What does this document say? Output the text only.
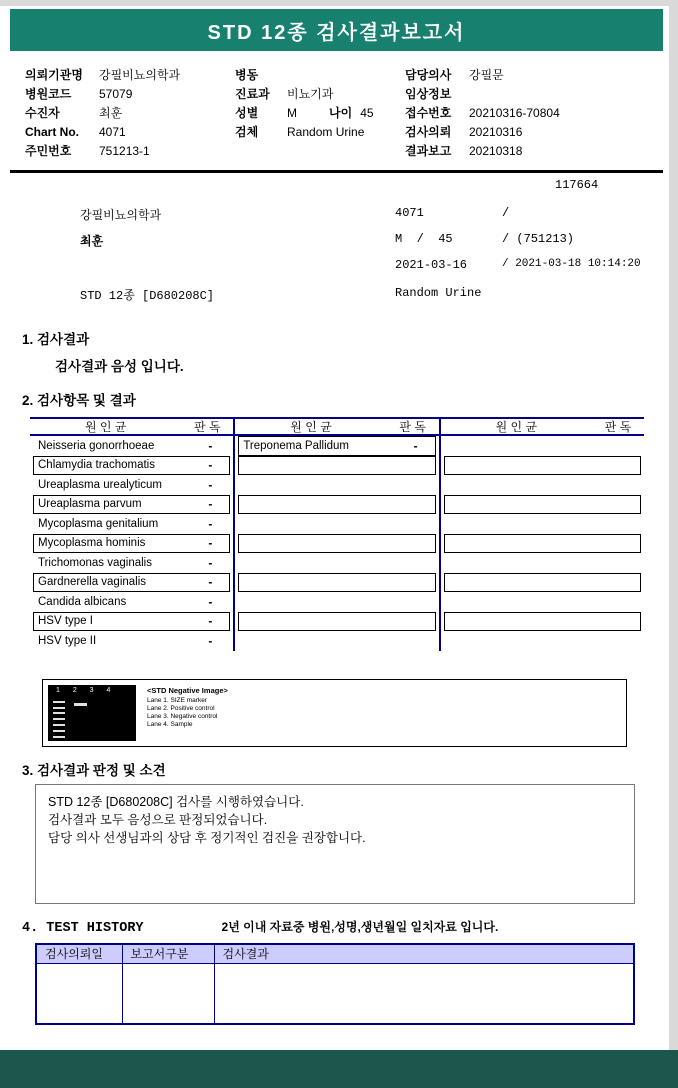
STD 12종 검사결과보고서
의뢰기관명	강필비뇨의학과
병원코드	57079
수진자	최훈
Chart No.	4071
주민번호	751213-1
병동
진료과	비뇨기과
성별	M	나이 45
검체	Random Urine
담당의사	강필문
임상정보
접수번호	20210316-70804
검사의뢰	20210316
결과보고	20210318
117664
강필비뇨의학과	4071	/
최훈	M  /  45	/ (751213)
2021-03-16	/ 2021-03-18 10:14:20
STD 12종 [D680208C]	Random Urine
1. 검사결과
검사결과 음성 입니다.
2. 검사항목 및 결과
원 인 균	판 독
Neisseria gonorrhoeae	-
Chlamydia trachomatis	-
Ureaplasma urealyticum	-
Ureaplasma parvum	-
Mycoplasma genitalium	-
Mycoplasma hominis	-
Trichomonas vaginalis	-
Gardnerella vaginalis	-
Candida albicans	-
HSV type I	-
HSV type II	-
원 인 균	판 독
Treponema Pallidum	-
원 인 균	판 독
1 2 3 4	<STD Negative Image>
Lane 1. SIZE marker
Lane 2. Positive control
Lane 3. Negative control
Lane 4. Sample
3. 검사결과 판정 및 소견
STD 12종 [D680208C] 검사를 시행하였습니다.
검사결과 모두 음성으로 판정되었습니다.
담당 의사 선생님과의 상담 후 정기적인 검진을 권장합니다.
4. TEST HISTORY	2년 이내 자료중 병원,성명,생년월일 일치자료 입니다.
검사의뢰일	보고서구분	검사결과
